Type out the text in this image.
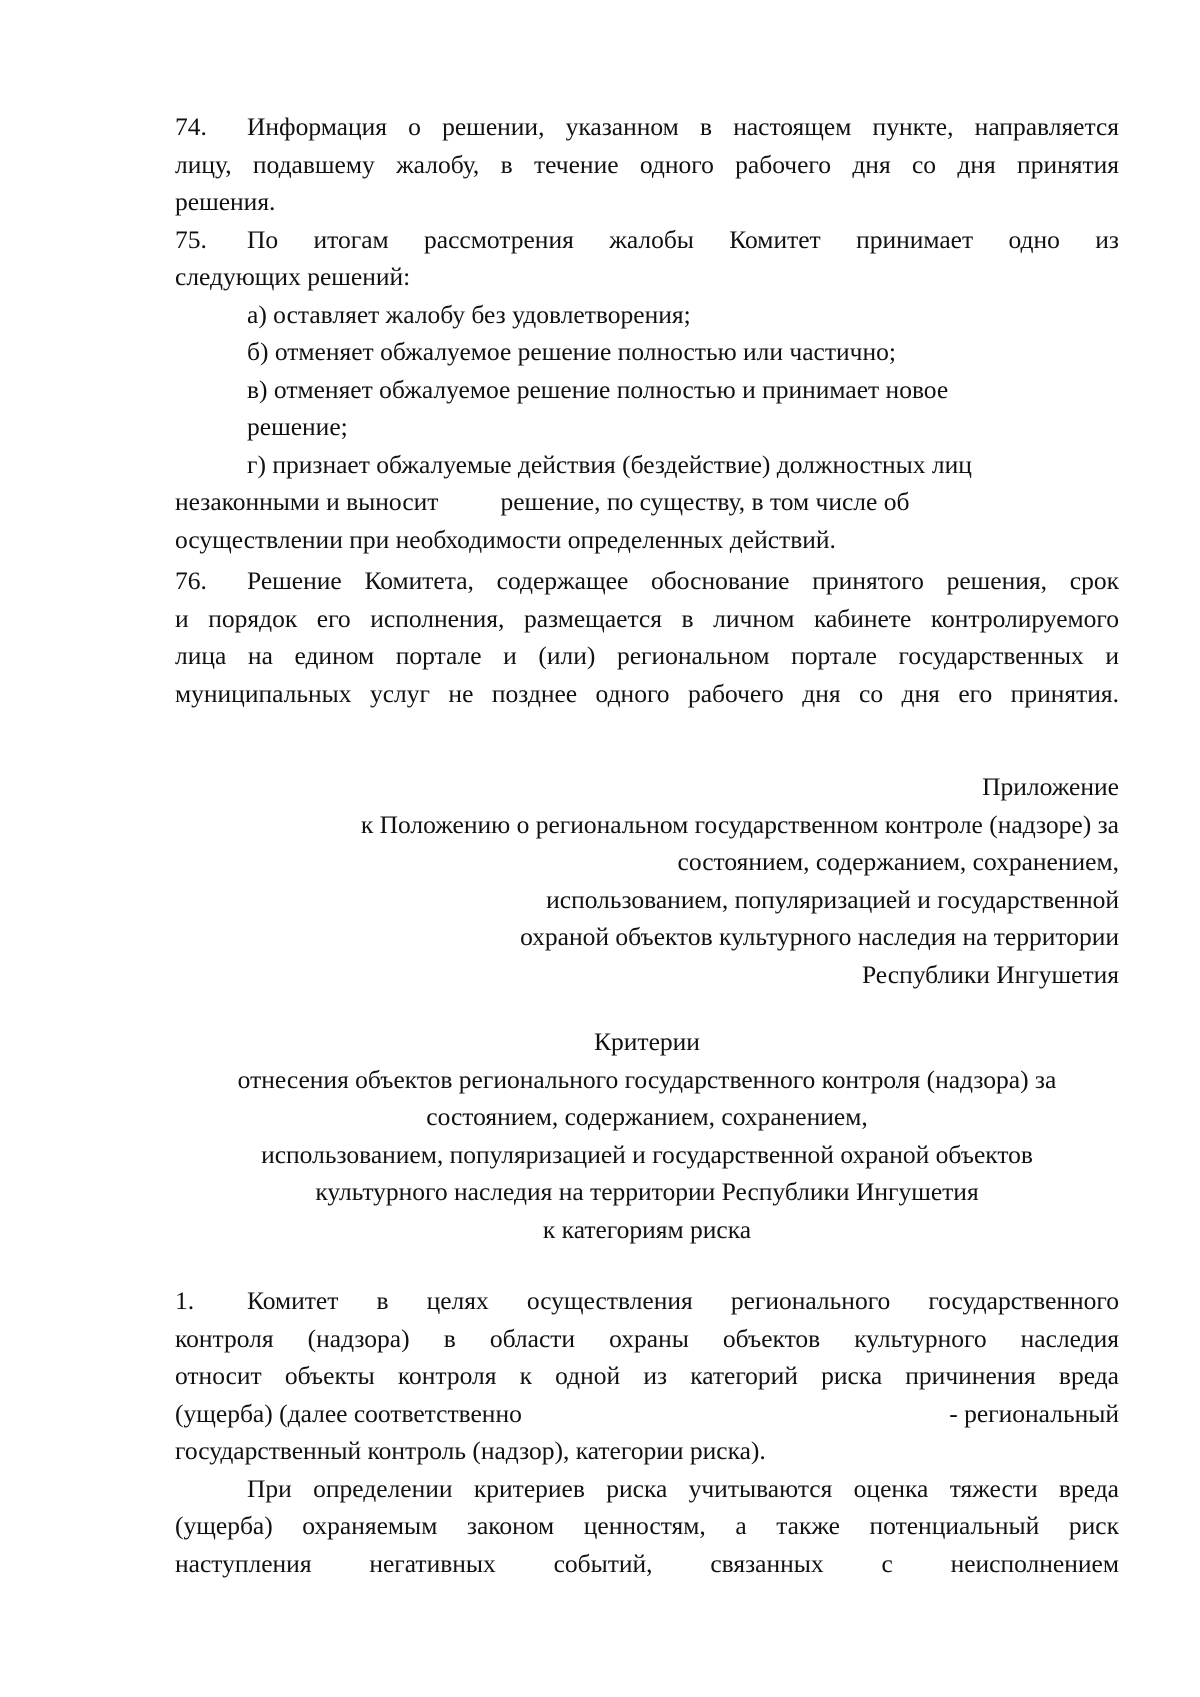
74. Информация о решении, указанном в настоящем пункте, направляется
лицу, подавшему жалобу, в течение одного рабочего дня со дня принятия
решения.
75. По итогам рассмотрения жалобы Комитет принимает одно из
следующих решений:
а) оставляет жалобу без удовлетворения;
б) отменяет обжалуемое решение полностью или частично;
в) отменяет обжалуемое решение полностью и принимает новое
решение;
г) признает обжалуемые действия (бездействие) должностных лиц
незаконными и выносит решение, по существу, в том числе об
осуществлении при необходимости определенных действий.
76. Решение Комитета, содержащее обоснование принятого решения, срок
и порядок его исполнения, размещается в личном кабинете контролируемого
лица на едином портале и (или) региональном портале государственных и
муниципальных услуг не позднее одного рабочего дня со дня его принятия.
Приложение
к Положению о региональном государственном контроле (надзоре) за
состоянием, содержанием, сохранением,
использованием, популяризацией и государственной
охраной объектов культурного наследия на территории
Республики Ингушетия
Критерии
отнесения объектов регионального государственного контроля (надзора) за
состоянием, содержанием, сохранением,
использованием, популяризацией и государственной охраной объектов
культурного наследия на территории Республики Ингушетия
к категориям риска
1. Комитет в целях осуществления регионального государственного
контроля (надзора) в области охраны объектов культурного наследия
относит объекты контроля к одной из категорий риска причинения вреда
(ущерба) (далее соответственно	- региональный
государственный контроль (надзор), категории риска).
При определении критериев риска учитываются оценка тяжести вреда
(ущерба) охраняемым законом ценностям, а также потенциальный риск
наступления негативных событий, связанных с неисполнением
